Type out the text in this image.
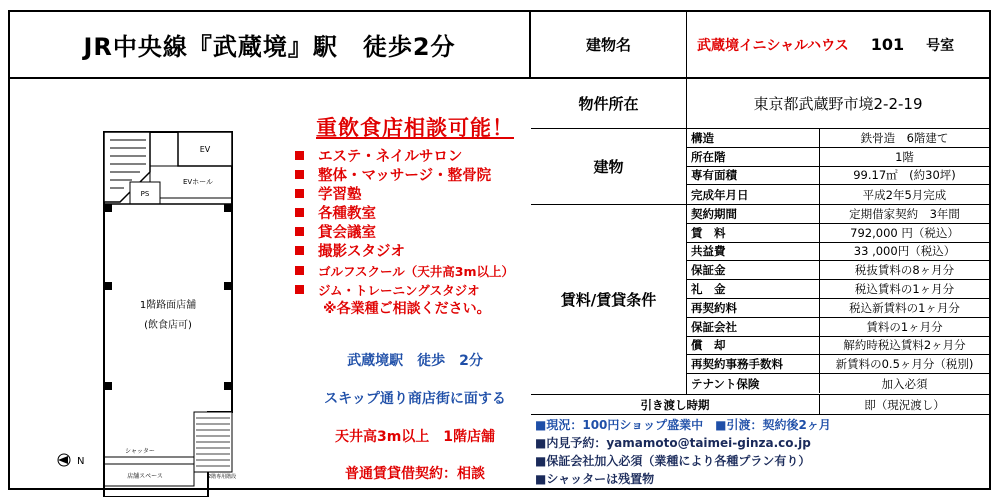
JR中央線『武蔵境』駅　徒歩2分
EV
EVホール
PS
1階路面店舗
(飲食店可)
シャッター
店舗スペース	2階専用階段
N
重飲食店相談可能！
エステ・ネイルサロン
整体・マッサージ・整骨院
学習塾
各種教室
貸会議室
撮影スタジオ
ゴルフスクール（天井高3m以上）
ジム・トレーニングスタジオ
※各業種ご相談ください。
武蔵境駅　徒歩　2分
スキップ通り商店街に面する
天井高3m以上　1階店舗
普通賃貸借契約：相談
建物名	武蔵境イニシャルハウス 101 号室
物件所在	東京都武蔵野市境2-2-19
建物
構造	鉄骨造　6階建て
所在階	1階
専有面積	99.17㎡　(約30坪)
完成年月日	平成2年5月完成
賃料/賃貸条件
契約期間	定期借家契約　3年間
賃　料	792,000 円（税込）
共益費	33 ,000円（税込）
保証金	税抜賃料の8ヶ月分
礼　金	税込賃料の1ヶ月分
再契約料	税込新賃料の1ヶ月分
保証会社	賃料の1ヶ月分
償　却	解約時税込賃料2ヶ月分
再契約事務手数料	新賃料の0.5ヶ月分（税別)
テナント保険	加入必須
引き渡し時期	即（現況渡し）
■現況：100円ショップ盛業中　■引渡：契約後2ヶ月
■内見予約：yamamoto@taimei-ginza.co.jp
■保証会社加入必須（業種により各種プラン有り）
■シャッターは残置物
